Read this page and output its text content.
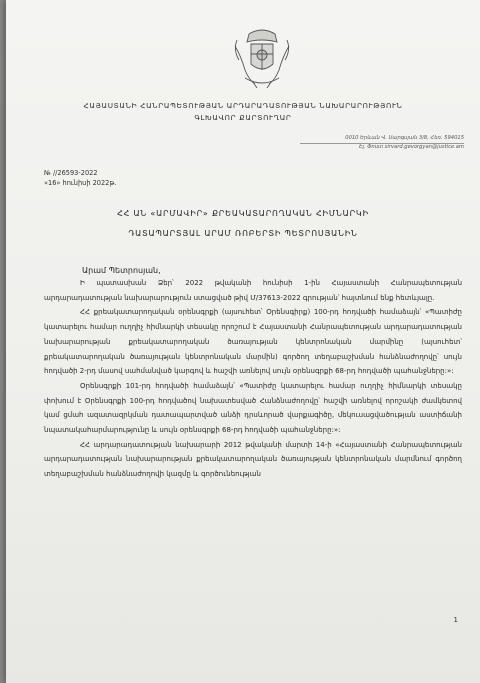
ՀԱՅԱՍՏԱՆԻ ՀԱՆՐԱՊԵՏՈՒԹՅԱՆ ԱՐԴԱՐԱԴԱՏՈՒԹՅԱՆ ՆԱԽԱՐԱՐՈՒԹՅՈՒՆ
ԳԼԽԱՎՈՐ ՔԱՐՏՈՒՂԱՐ
0010 Երևան Վ. Սարգսյան 3/8, Հեռ. 594015
Էլ. Փոստ sirvard.gevorgyan@justice.am
№ //26593-2022
«16» հունիսի 2022թ.
ՀՀ ԱՆ «ԱՐՄԱՎԻՐ» ՔՐԵԱԿԱՏԱՐՈՂԱԿԱՆ ՀԻՄՆԱՐԿԻ
ԴԱՏԱՊԱՐՏՅԱԼ ԱՐԱՄ ՌՈԲԵՐՏԻ ՊԵՏՐՈՍՅԱՆԻՆ
Արամ Պետրոսյան,

Ի պատասխան Ձեր՝ 2022 թվականի հունիսի 1-ին Հայաստանի Հանրապետության արդարադատության նախարարություն ստացված թիվ Մ/37613-2022 գրության՝ հայտնում ենք հետևյալը.

ՀՀ քրեակատարողական օրենսգրքի (այսուհետ՝ Օրենսգիրք) 100-րդ հոդվածի համաձայն՝ «Պատիժը կատարելու համար ուղղիչ հիմնարկի տեսակը որոշում է Հայաստանի Հանրապետության արդարադատության նախարարության քրեակատարողական ծառայության կենտրոնական մարմինը (այսուհետ՝ քրեակատարողական ծառայության կենտրոնական մարմին) գործող տեղաբաշխման հանձնաժողովը՝ սույն հոդվածի 2-րդ մասով սահմանված կարգով և հաշվի առնելով սույն օրենսգրքի 68-րդ հոդվածի պահանջները:»:

Օրենսգրքի 101-րդ հոդվածի համաձայն՝ «Պատիժը կատարելու համար ուղղիչ հիմնարկի տեսակը փոխում է Օրենսգրքի 100-րդ հոդվածով նախատեսված Հանձնաժողովը՝ հաշվի առնելով որոշակի ժամկետով կամ ցմահ ազատազրկման դատապարտված անձի դրսևորած վարքագիծը, մեկուսացվածության աստիճանի նպատակահարմարությունը և սույն օրենսգրքի 68-րդ հոդվածի պահանջները:»:

ՀՀ արդարադատության նախարարի 2012 թվականի մարտի 14-ի «Հայաստանի Հանրապետության արդարադատության նախարարության քրեակատարողական ծառայության կենտրոնական մարմնում գործող տեղաբաշխման հանձնաժողովի կազմը և գործունեության

1
